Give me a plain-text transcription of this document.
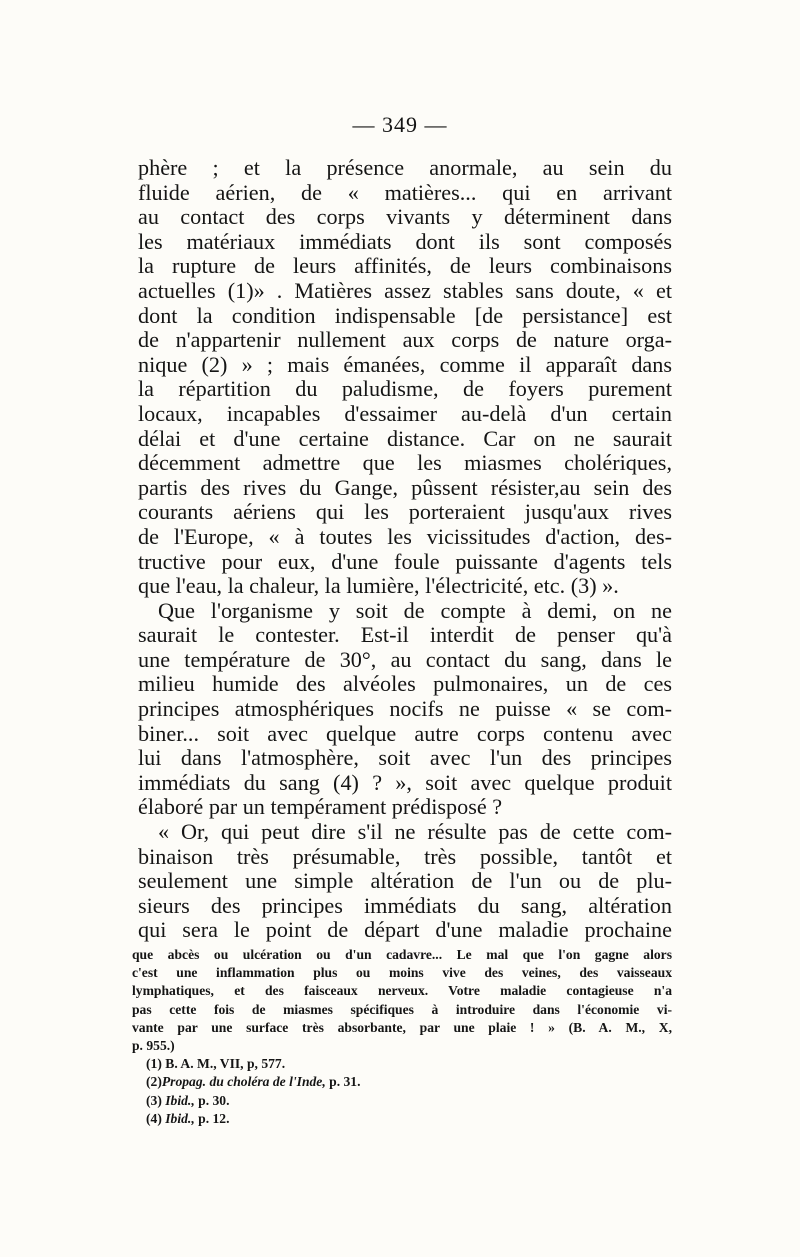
— 349 —
phère ; et la présence anormale, au sein du
fluide aérien, de « matières... qui en arrivant
au contact des corps vivants y déterminent dans
les matériaux immédiats dont ils sont composés
la rupture de leurs affinités, de leurs combinaisons
actuelles (1)» . Matières assez stables sans doute, « et
dont la condition indispensable [de persistance] est
de n'appartenir nullement aux corps de nature orga-
nique (2) » ; mais émanées, comme il apparaît dans
la répartition du paludisme, de foyers purement
locaux, incapables d'essaimer au-delà d'un certain
délai et d'une certaine distance. Car on ne saurait
décemment admettre que les miasmes cholériques,
partis des rives du Gange, pûssent résister,au sein des
courants aériens qui les porteraient jusqu'aux rives
de l'Europe, « à toutes les vicissitudes d'action, des-
tructive pour eux, d'une foule puissante d'agents tels
que l'eau, la chaleur, la lumière, l'électricité, etc. (3) ».
Que l'organisme y soit de compte à demi, on ne
saurait le contester. Est-il interdit de penser qu'à
une température de 30°, au contact du sang, dans le
milieu humide des alvéoles pulmonaires, un de ces
principes atmosphériques nocifs ne puisse « se com-
biner... soit avec quelque autre corps contenu avec
lui dans l'atmosphère, soit avec l'un des principes
immédiats du sang (4) ? », soit avec quelque produit
élaboré par un tempérament prédisposé ?
« Or, qui peut dire s'il ne résulte pas de cette com-
binaison très présumable, très possible, tantôt et
seulement une simple altération de l'un ou de plu-
sieurs des principes immédiats du sang, altération
qui sera le point de départ d'une maladie prochaine
que abcès ou ulcération ou d'un cadavre... Le mal que l'on gagne alors
c'est une inflammation plus ou moins vive des veines, des vaisseaux
lymphatiques, et des faisceaux nerveux. Votre maladie contagieuse n'a
pas cette fois de miasmes spécifiques à introduire dans l'économie vi-
vante par une surface très absorbante, par une plaie ! » (B. A. M., X,
p. 955.)
(1) B. A. M., VII, p, 577.
(2)Propag. du choléra de l'Inde, p. 31.
(3) Ibid., p. 30.
(4) Ibid., p. 12.
